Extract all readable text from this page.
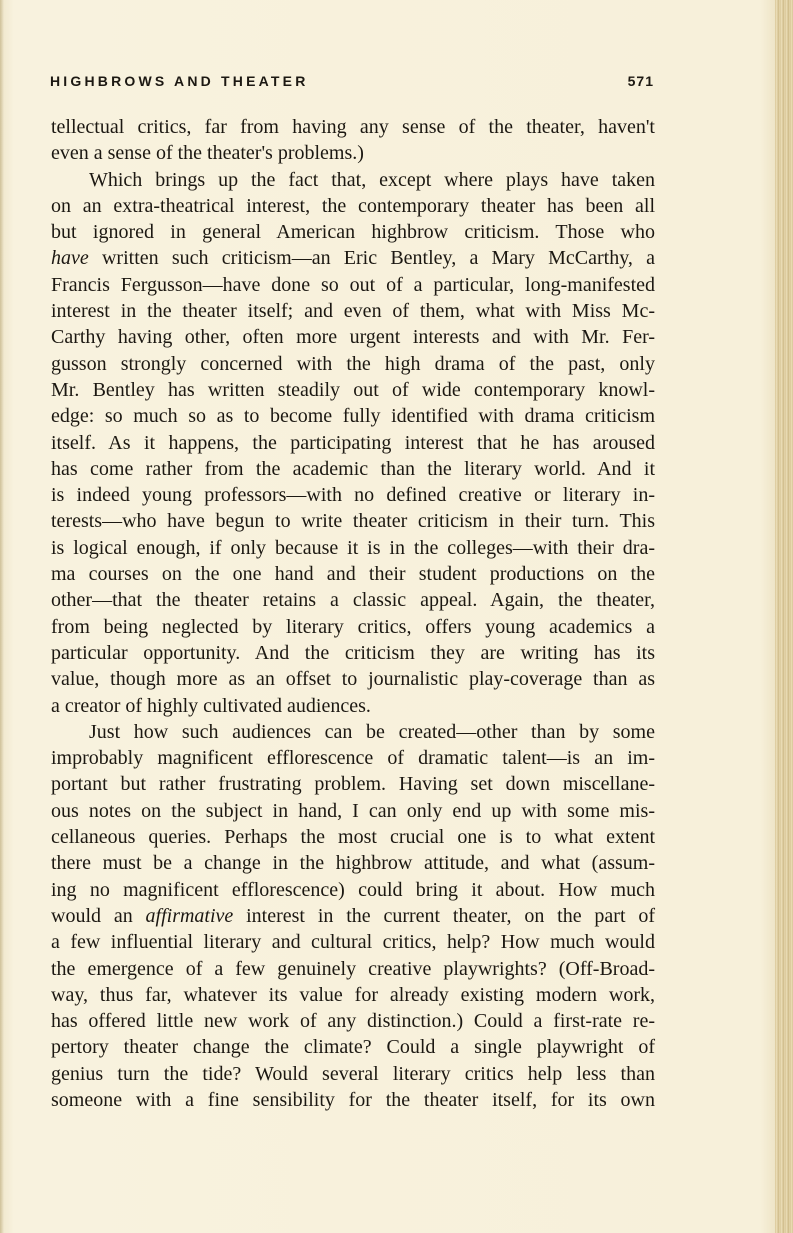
HIGHBROWS AND THEATER	571
tellectual critics, far from having any sense of the theater, haven't
even a sense of the theater's problems.)
Which brings up the fact that, except where plays have taken
on an extra-theatrical interest, the contemporary theater has been all
but ignored in general American highbrow criticism. Those who
have written such criticism—an Eric Bentley, a Mary McCarthy, a
Francis Fergusson—have done so out of a particular, long-manifested
interest in the theater itself; and even of them, what with Miss Mc-
Carthy having other, often more urgent interests and with Mr. Fer-
gusson strongly concerned with the high drama of the past, only
Mr. Bentley has written steadily out of wide contemporary knowl-
edge: so much so as to become fully identified with drama criticism
itself. As it happens, the participating interest that he has aroused
has come rather from the academic than the literary world. And it
is indeed young professors—with no defined creative or literary in-
terests—who have begun to write theater criticism in their turn. This
is logical enough, if only because it is in the colleges—with their dra-
ma courses on the one hand and their student productions on the
other—that the theater retains a classic appeal. Again, the theater,
from being neglected by literary critics, offers young academics a
particular opportunity. And the criticism they are writing has its
value, though more as an offset to journalistic play-coverage than as
a creator of highly cultivated audiences.
Just how such audiences can be created—other than by some
improbably magnificent efflorescence of dramatic talent—is an im-
portant but rather frustrating problem. Having set down miscellane-
ous notes on the subject in hand, I can only end up with some mis-
cellaneous queries. Perhaps the most crucial one is to what extent
there must be a change in the highbrow attitude, and what (assum-
ing no magnificent efflorescence) could bring it about. How much
would an affirmative interest in the current theater, on the part of
a few influential literary and cultural critics, help? How much would
the emergence of a few genuinely creative playwrights? (Off-Broad-
way, thus far, whatever its value for already existing modern work,
has offered little new work of any distinction.) Could a first-rate re-
pertory theater change the climate? Could a single playwright of
genius turn the tide? Would several literary critics help less than
someone with a fine sensibility for the theater itself, for its own
